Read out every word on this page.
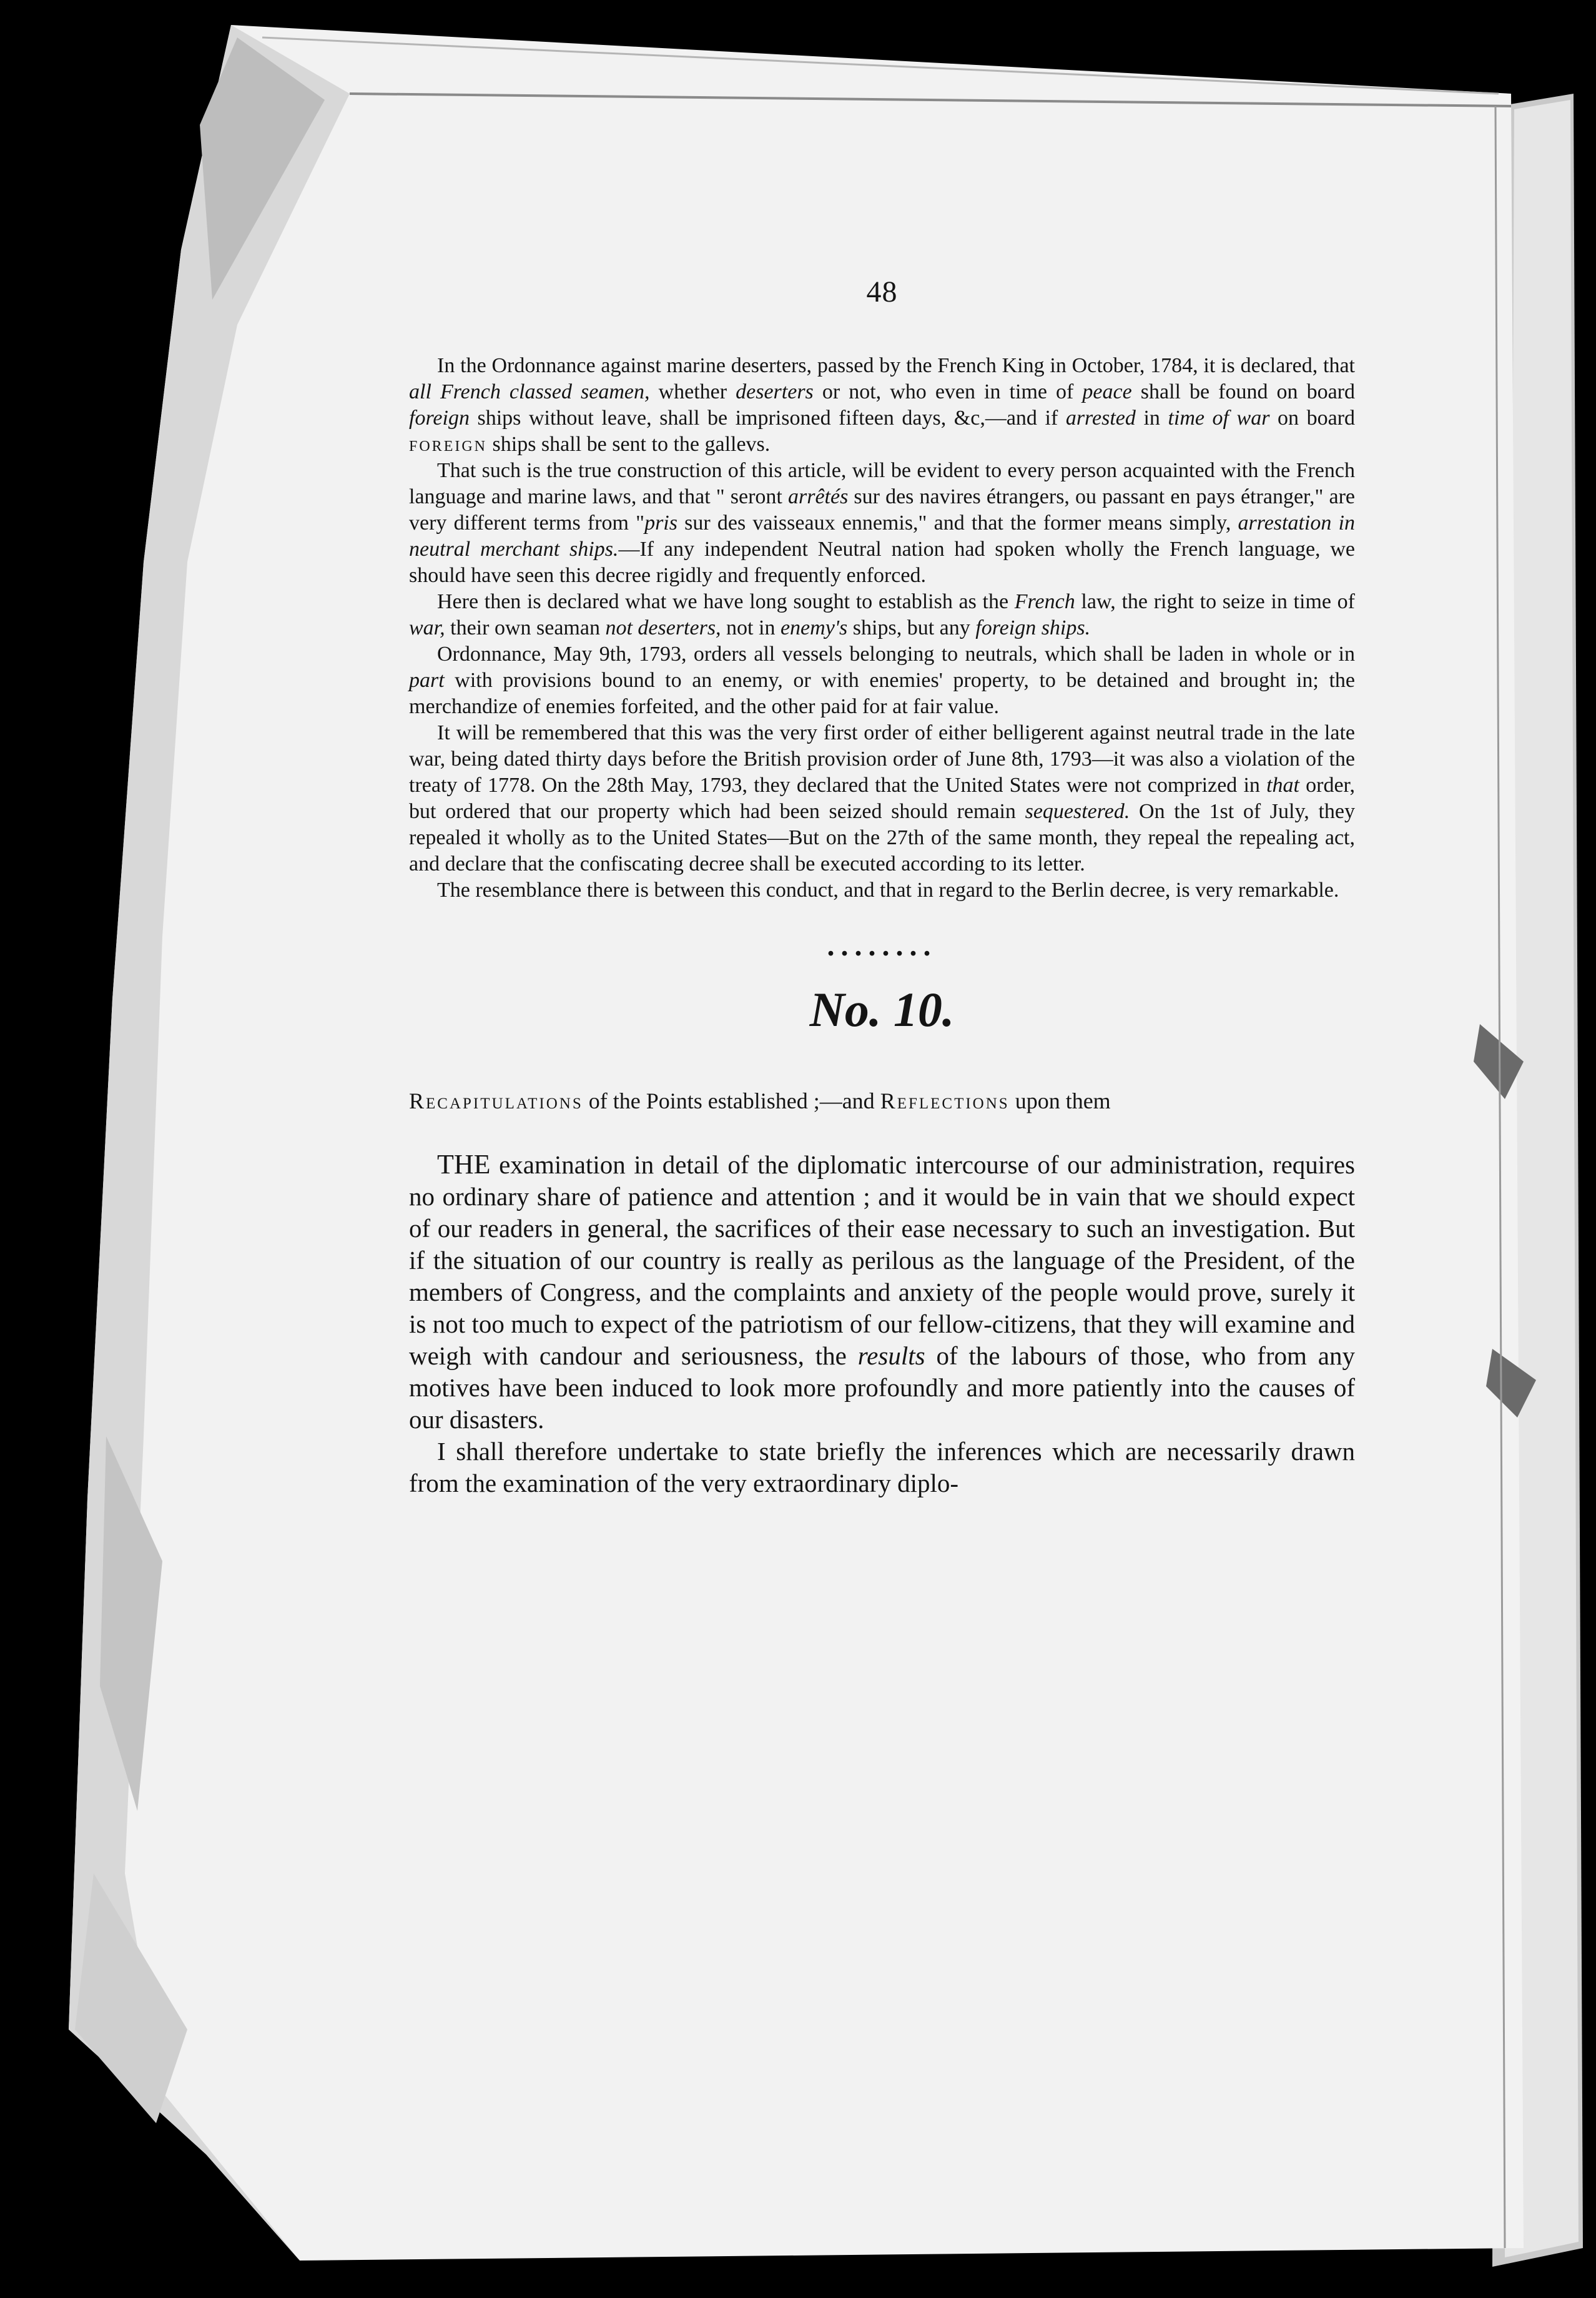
48

In the Ordonnance against marine deserters, passed by the French King in October, 1784, it is declared, that all French classed seamen, whether deserters or not, who even in time of peace shall be found on board foreign ships without leave, shall be imprisoned fifteen days, &c,—and if arrested in time of war on board foreign ships shall be sent to the gallevs.

That such is the true construction of this article, will be evident to every person acquainted with the French language and marine laws, and that " seront arrêtés sur des navires étrangers, ou passant en pays étranger," are very different terms from "pris sur des vaisseaux ennemis," and that the former means simply, arrestation in neutral merchant ships.—If any independent Neutral nation had spoken wholly the French language, we should have seen this decree rigidly and frequently enforced.

Here then is declared what we have long sought to establish as the French law, the right to seize in time of war, their own seaman not deserters, not in enemy's ships, but any foreign ships.

Ordonnance, May 9th, 1793, orders all vessels belonging to neutrals, which shall be laden in whole or in part with provisions bound to an enemy, or with enemies' property, to be detained and brought in; the merchandize of enemies forfeited, and the other paid for at fair value.

It will be remembered that this was the very first order of either belligerent against neutral trade in the late war, being dated thirty days before the British provision order of June 8th, 1793—it was also a violation of the treaty of 1778. On the 28th May, 1793, they declared that the United States were not comprized in that order, but ordered that our property which had been seized should remain sequestered. On the 1st of July, they repealed it wholly as to the United States—But on the 27th of the same month, they repeal the repealing act, and declare that the confiscating decree shall be executed according to its letter.

The resemblance there is between this conduct, and that in regard to the Berlin decree, is very remarkable.

........
No. 10.
Recapitulations of the Points established ;—and Reflections upon them

THE examination in detail of the diplomatic intercourse of our administration, requires no ordinary share of patience and attention ; and it would be in vain that we should expect of our readers in general, the sacrifices of their ease necessary to such an investigation. But if the situation of our country is really as perilous as the language of the President, of the members of Congress, and the complaints and anxiety of the people would prove, surely it is not too much to expect of the patriotism of our fellow-citizens, that they will examine and weigh with candour and seriousness, the results of the labours of those, who from any motives have been induced to look more profoundly and more patiently into the causes of our disasters.

I shall therefore undertake to state briefly the inferences which are necessarily drawn from the examination of the very extraordinary diplo-
